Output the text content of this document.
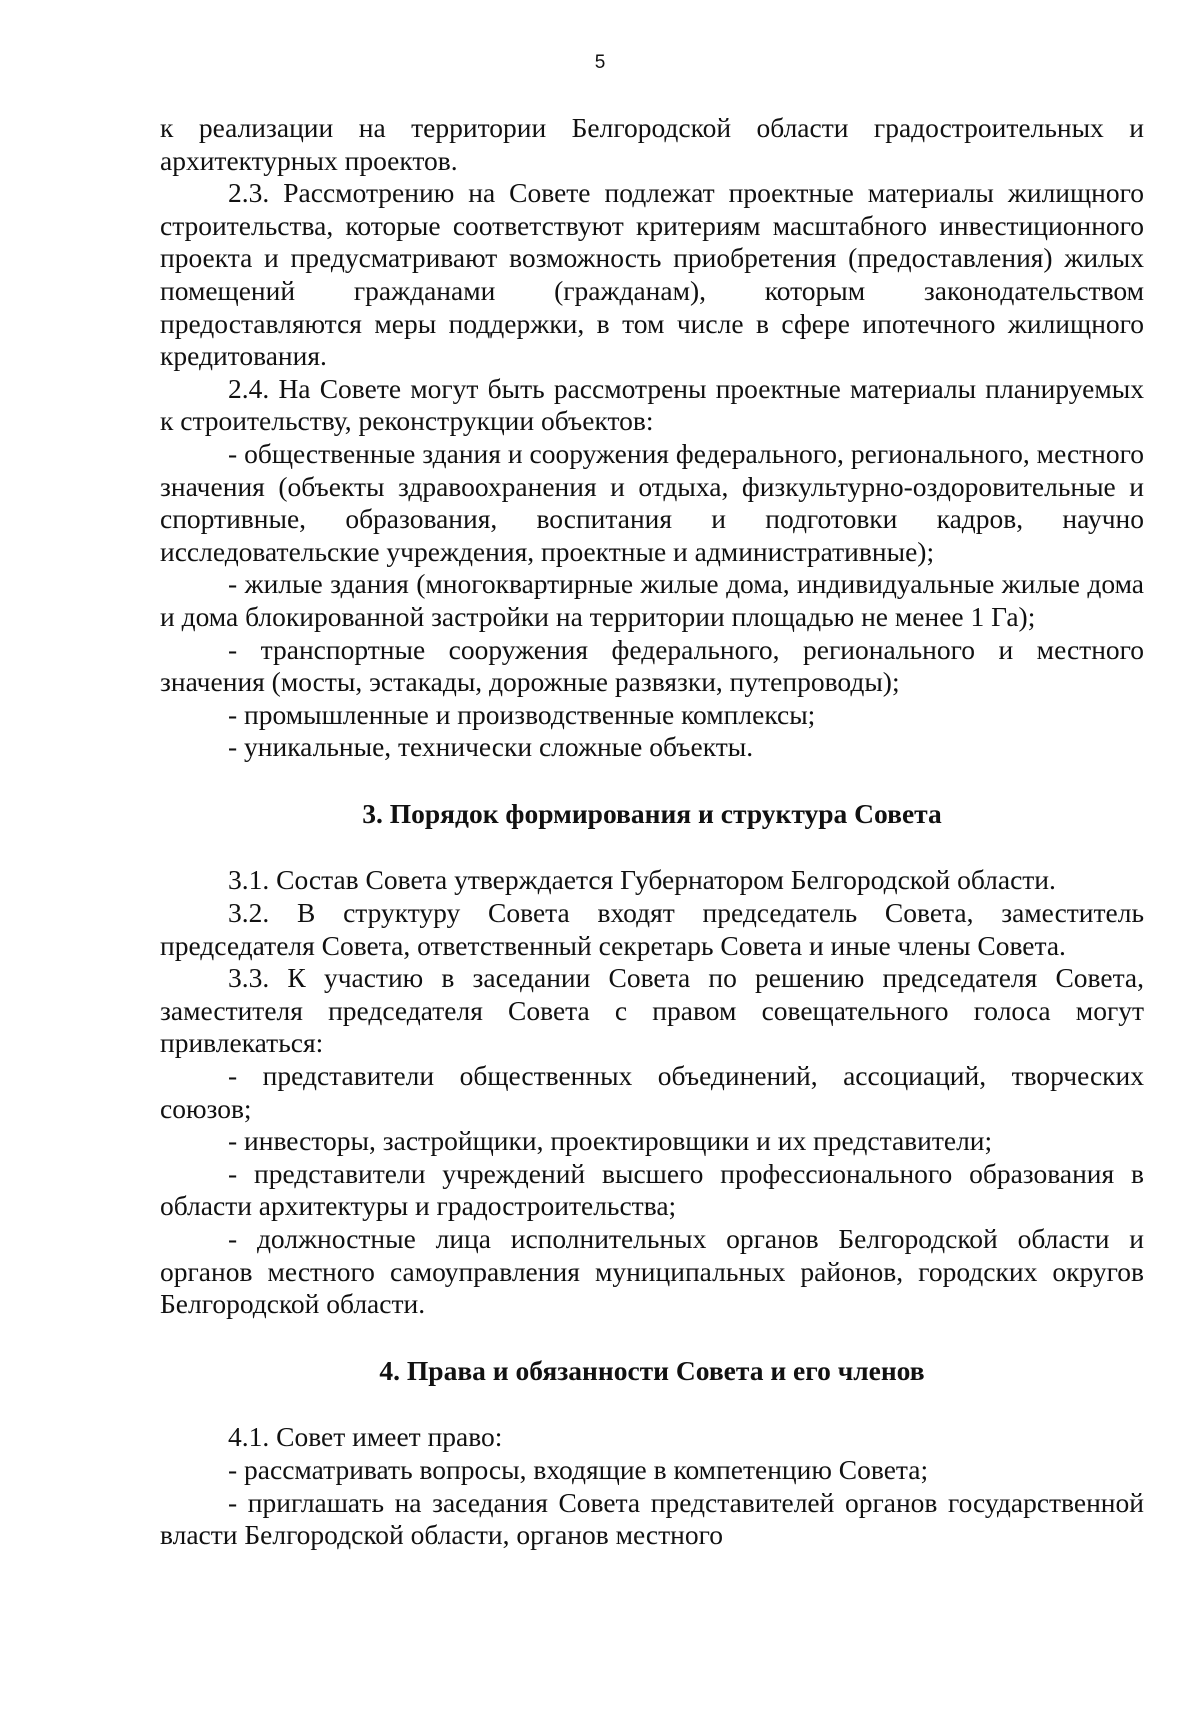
5

к реализации на территории Белгородской области градостроительных и архитектурных проектов.

2.3. Рассмотрению на Совете подлежат проектные материалы жилищного строительства, которые соответствуют критериям масштабного инвестиционного проекта и предусматривают возможность приобретения (предоставления) жилых помещений гражданами (гражданам), которым законодательством предоставляются меры поддержки, в том числе в сфере ипотечного жилищного кредитования.

2.4. На Совете могут быть рассмотрены проектные материалы планируемых к строительству, реконструкции объектов:

- общественные здания и сооружения федерального, регионального, местного значения (объекты здравоохранения и отдыха, физкультурно-оздоровительные и спортивные, образования, воспитания и подготовки кадров, научно исследовательские учреждения, проектные и административные);

- жилые здания (многоквартирные жилые дома, индивидуальные жилые дома и дома блокированной застройки на территории площадью не менее 1 Га);

- транспортные сооружения федерального, регионального и местного значения (мосты, эстакады, дорожные развязки, путепроводы);

- промышленные и производственные комплексы;

- уникальные, технически сложные объекты.

3. Порядок формирования и структура Совета

3.1. Состав Совета утверждается Губернатором Белгородской области.

3.2. В структуру Совета входят председатель Совета, заместитель председателя Совета, ответственный секретарь Совета и иные члены Совета.

3.3. К участию в заседании Совета по решению председателя Совета, заместителя председателя Совета с правом совещательного голоса могут привлекаться:

- представители общественных объединений, ассоциаций, творческих союзов;

- инвесторы, застройщики, проектировщики и их представители;

- представители учреждений высшего профессионального образования в области архитектуры и градостроительства;

- должностные лица исполнительных органов Белгородской области и органов местного самоуправления муниципальных районов, городских округов Белгородской области.

4. Права и обязанности Совета и его членов

4.1. Совет имеет право:

- рассматривать вопросы, входящие в компетенцию Совета;

- приглашать на заседания Совета представителей органов государственной власти Белгородской области, органов местного
